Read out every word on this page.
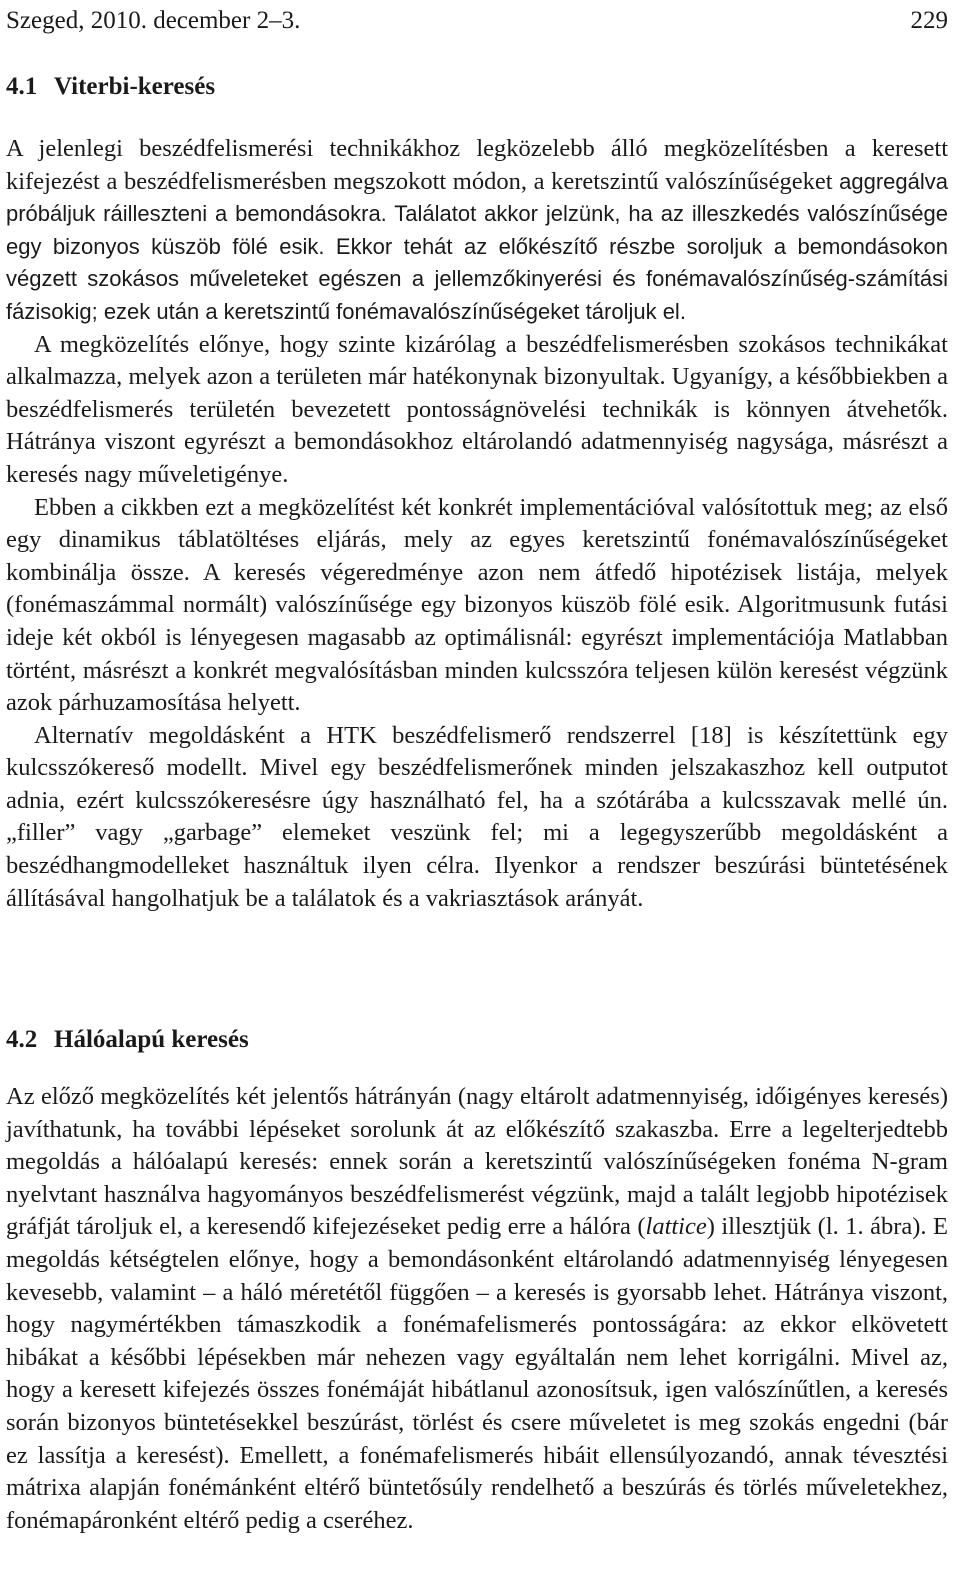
Szeged, 2010. december 2–3.	229
4.1 Viterbi-keresés

A jelenlegi beszédfelismerési technikákhoz legközelebb álló megközelítésben a keresett kifejezést a beszédfelismerésben megszokott módon, a keretszintű valószínűségeket aggregálva próbáljuk ráilleszteni a bemondásokra. Találatot akkor jelzünk, ha az illeszkedés valószínűsége egy bizonyos küszöb fölé esik. Ekkor tehát az előkészítő részbe soroljuk a bemondásokon végzett szokásos műveleteket egészen a jellemzőkinyerési és fonémavalószínűség-számítási fázisokig; ezek után a keretszintű fonémavalószínűségeket tároljuk el.

A megközelítés előnye, hogy szinte kizárólag a beszédfelismerésben szokásos technikákat alkalmazza, melyek azon a területen már hatékonynak bizonyultak. Ugyanígy, a későbbiekben a beszédfelismerés területén bevezetett pontosságnövelési technikák is könnyen átvehetők. Hátránya viszont egyrészt a bemondásokhoz eltárolandó adatmennyiség nagysága, másrészt a keresés nagy műveletigénye.

Ebben a cikkben ezt a megközelítést két konkrét implementációval valósítottuk meg; az első egy dinamikus táblatöltéses eljárás, mely az egyes keretszintű fonémavalószínűségeket kombinálja össze. A keresés végeredménye azon nem átfedő hipotézisek listája, melyek (fonémaszámmal normált) valószínűsége egy bizonyos küszöb fölé esik. Algoritmusunk futási ideje két okból is lényegesen magasabb az optimálisnál: egyrészt implementációja Matlabban történt, másrészt a konkrét megvalósításban minden kulcsszóra teljesen külön keresést végzünk azok párhuzamosítása helyett.

Alternatív megoldásként a HTK beszédfelismerő rendszerrel [18] is készítettünk egy kulcsszókereső modellt. Mivel egy beszédfelismerőnek minden jelszakaszhoz kell outputot adnia, ezért kulcsszókeresésre úgy használható fel, ha a szótárába a kulcsszavak mellé ún. „filler” vagy „garbage” elemeket veszünk fel; mi a legegyszerűbb megoldásként a beszédhangmodelleket használtuk ilyen célra. Ilyenkor a rendszer beszúrási büntetésének állításával hangolhatjuk be a találatok és a vakriasztások arányát.

4.2 Hálóalapú keresés

Az előző megközelítés két jelentős hátrányán (nagy eltárolt adatmennyiség, időigényes keresés) javíthatunk, ha további lépéseket sorolunk át az előkészítő szakaszba. Erre a legelterjedtebb megoldás a hálóalapú keresés: ennek során a keretszintű valószínűségeken fonéma N-gram nyelvtant használva hagyományos beszédfelismerést végzünk, majd a talált legjobb hipotézisek gráfját tároljuk el, a keresendő kifejezéseket pedig erre a hálóra (lattice) illesztjük (l. 1. ábra). E megoldás kétségtelen előnye, hogy a bemondásonként eltárolandó adatmennyiség lényegesen kevesebb, valamint – a háló méretétől függően – a keresés is gyorsabb lehet. Hátránya viszont, hogy nagymértékben támaszkodik a fonémafelismerés pontosságára: az ekkor elkövetett hibákat a későbbi lépésekben már nehezen vagy egyáltalán nem lehet korrigálni. Mivel az, hogy a keresett kifejezés összes fonémáját hibátlanul azonosítsuk, igen valószínűtlen, a keresés során bizonyos büntetésekkel beszúrást, törlést és csere műveletet is meg szokás engedni (bár ez lassítja a keresést). Emellett, a fonémafelismerés hibáit ellensúlyozandó, annak tévesztési mátrixa alapján fonémánként eltérő büntetősúly rendelhető a beszúrás és törlés műveletekhez, fonémapáronként eltérő pedig a cseréhez.
